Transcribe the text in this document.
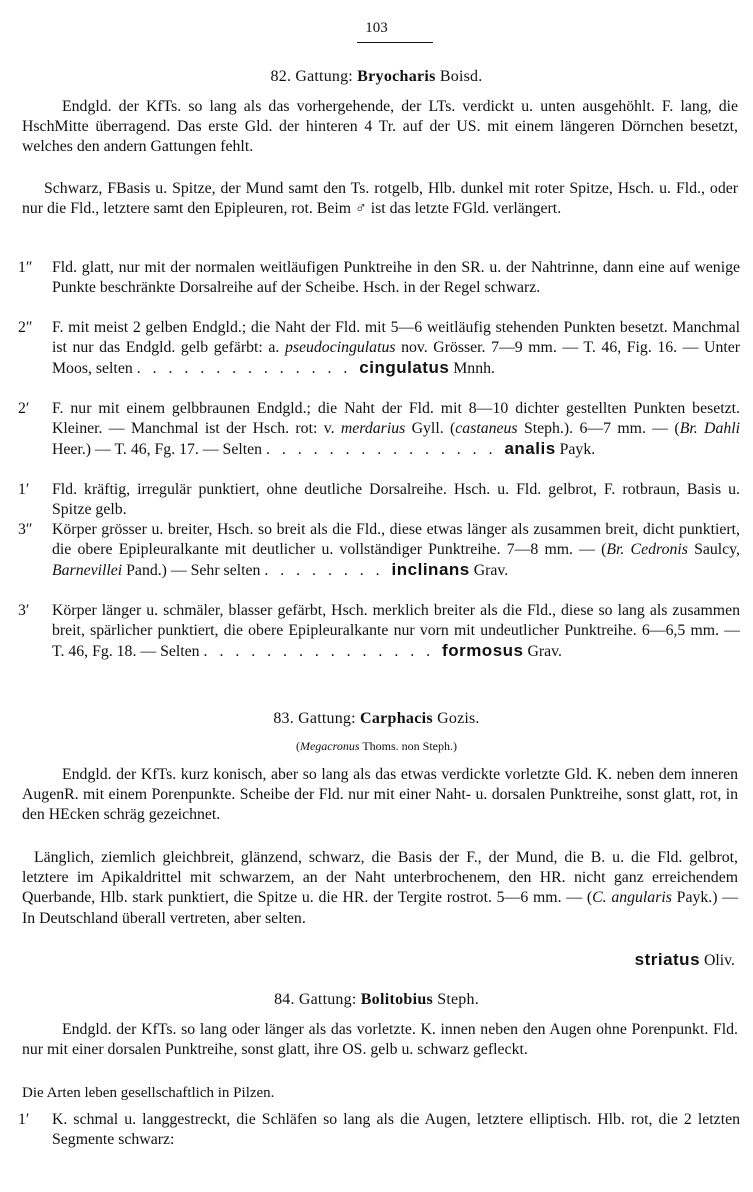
103
82. Gattung: Bryocharis Boisd.
Endgld. der KfTs. so lang als das vorhergehende, der LTs. verdickt u. unten ausgehöhlt. F. lang, die HschMitte überragend. Das erste Gld. der hinteren 4 Tr. auf der US. mit einem längeren Dörnchen besetzt, welches den andern Gattungen fehlt.
Schwarz, FBasis u. Spitze, der Mund samt den Ts. rotgelb, Hlb. dunkel mit roter Spitze, Hsch. u. Fld., oder nur die Fld., letztere samt den Epipleuren, rot. Beim ♂ ist das letzte FGld. verlängert.
1″	Fld. glatt, nur mit der normalen weitläufigen Punktreihe in den SR. u. der Nahtrinne, dann eine auf wenige Punkte beschränkte Dorsalreihe auf der Scheibe. Hsch. in der Regel schwarz.
2″	F. mit meist 2 gelben Endgld.; die Naht der Fld. mit 5—6 weitläufig stehenden Punkten besetzt. Manchmal ist nur das Endgld. gelb gefärbt: a. pseudocingulatus nov. Grösser. 7—9 mm. — T. 46, Fig. 16. — Unter Moos, selten . . . . . . . . . . . . . . cingulatus Mnnh.
2′	F. nur mit einem gelbbraunen Endgld.; die Naht der Fld. mit 8—10 dichter gestellten Punkten besetzt. Kleiner. — Manchmal ist der Hsch. rot: v. merdarius Gyll. (castaneus Steph.). 6—7 mm. — (Br. Dahli Heer.) — T. 46, Fg. 17. — Selten . . . . . . . . . . . . . . . analis Payk.
1′	Fld. kräftig, irregulär punktiert, ohne deutliche Dorsalreihe. Hsch. u. Fld. gelbrot, F. rotbraun, Basis u. Spitze gelb.
3″	Körper grösser u. breiter, Hsch. so breit als die Fld., diese etwas länger als zusammen breit, dicht punktiert, die obere Epipleuralkante mit deutlicher u. vollständiger Punktreihe. 7—8 mm. — (Br. Cedronis Saulcy, Barnevillei Pand.) — Sehr selten . . . . . . . . inclinans Grav.
3′	Körper länger u. schmäler, blasser gefärbt, Hsch. merklich breiter als die Fld., diese so lang als zusammen breit, spärlicher punktiert, die obere Epipleuralkante nur vorn mit undeutlicher Punktreihe. 6—6,5 mm. — T. 46, Fg. 18. — Selten . . . . . . . . . . . . . . . formosus Grav.
83. Gattung: Carphacis Gozis.
(Megacronus Thoms. non Steph.)
Endgld. der KfTs. kurz konisch, aber so lang als das etwas verdickte vorletzte Gld. K. neben dem inneren AugenR. mit einem Porenpunkte. Scheibe der Fld. nur mit einer Naht- u. dorsalen Punktreihe, sonst glatt, rot, in den HEcken schräg gezeichnet.
Länglich, ziemlich gleichbreit, glänzend, schwarz, die Basis der F., der Mund, die B. u. die Fld. gelbrot, letztere im Apikaldrittel mit schwarzem, an der Naht unterbrochenem, den HR. nicht ganz erreichendem Querbande, Hlb. stark punktiert, die Spitze u. die HR. der Tergite rostrot. 5—6 mm. — (C. angularis Payk.) — In Deutschland überall vertreten, aber selten.
striatus Oliv.
84. Gattung: Bolitobius Steph.
Endgld. der KfTs. so lang oder länger als das vorletzte. K. innen neben den Augen ohne Porenpunkt. Fld. nur mit einer dorsalen Punktreihe, sonst glatt, ihre OS. gelb u. schwarz gefleckt.
Die Arten leben gesellschaftlich in Pilzen.
1′	K. schmal u. langgestreckt, die Schläfen so lang als die Augen, letztere elliptisch. Hlb. rot, die 2 letzten Segmente schwarz:
